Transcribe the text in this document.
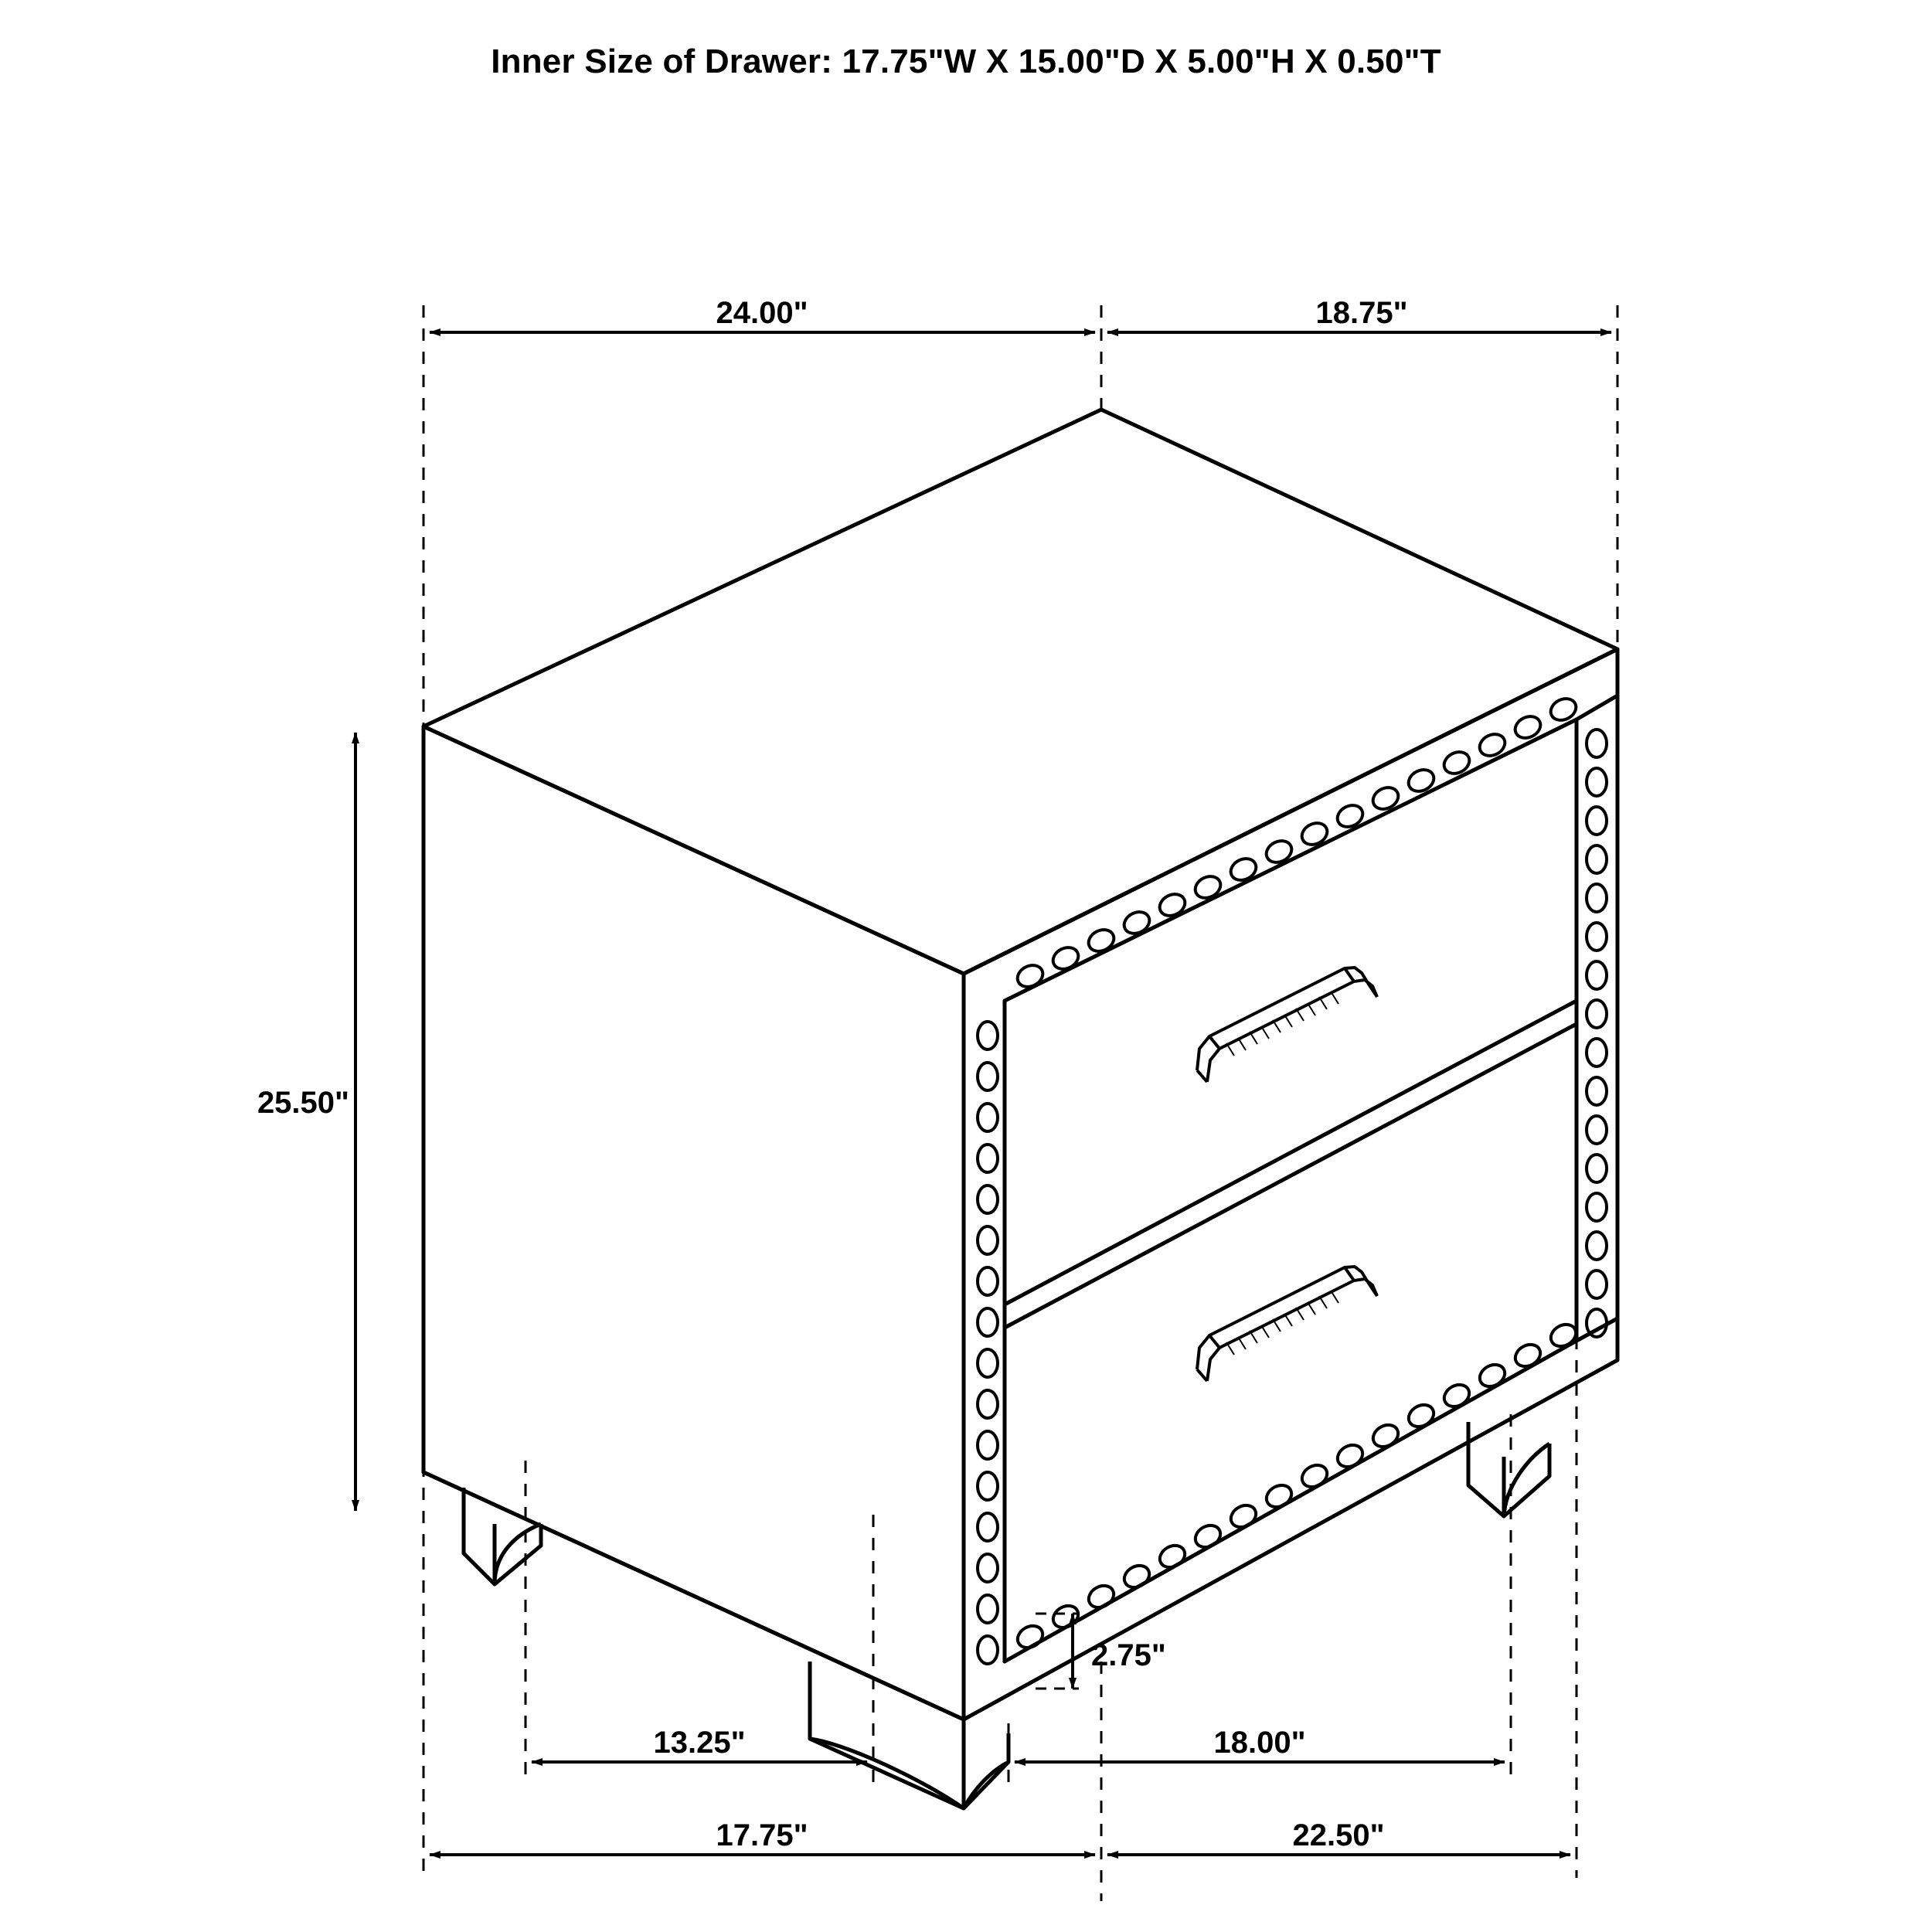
Inner Size of Drawer: 17.75"W X 15.00"D X 5.00"H X 0.50"T
24.00"	18.75"
25.50"
2.75"
13.25"	18.00"
17.75"	22.50"
